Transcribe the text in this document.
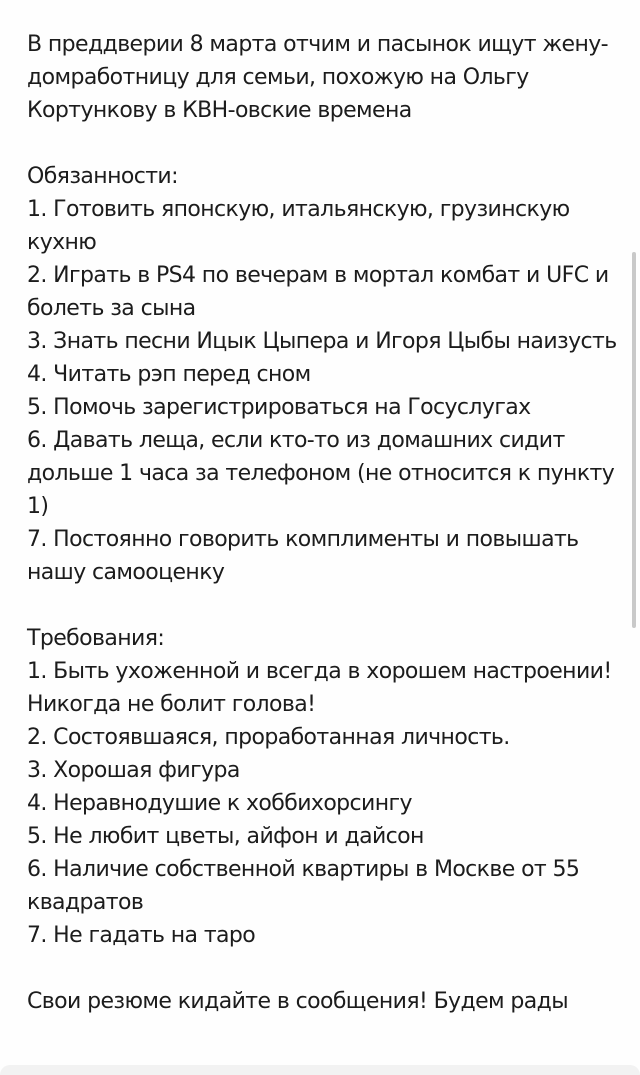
В преддверии 8 марта отчим и пасынок ищут жену-домработницу для семьи, похожую на Ольгу Кортункову в КВН-овские времена

Обязанности:

1. Готовить японскую, итальянскую, грузинскую кухню
2. Играть в PS4 по вечерам в мортал комбат и UFC и болеть за сына
3. Знать песни Ицык Цыпера и Игоря Цыбы наизусть
4. Читать рэп перед сном
5. Помочь зарегистрироваться на Госуслугах
6. Давать леща, если кто-то из домашних сидит дольше 1 часа за телефоном (не относится к пункту 1)
7. Постоянно говорить комплименты и повышать нашу самооценку

Требования:

1. Быть ухоженной и всегда в хорошем настроении! Никогда не болит голова!
2. Состоявшаяся, проработанная личность.
3. Хорошая фигура
4. Неравнодушие к хоббихорсингу
5. Не любит цветы, айфон и дайсон
6. Наличие собственной квартиры в Москве от 55 квадратов
7. Не гадать на таро

Свои резюме кидайте в сообщения! Будем рады
